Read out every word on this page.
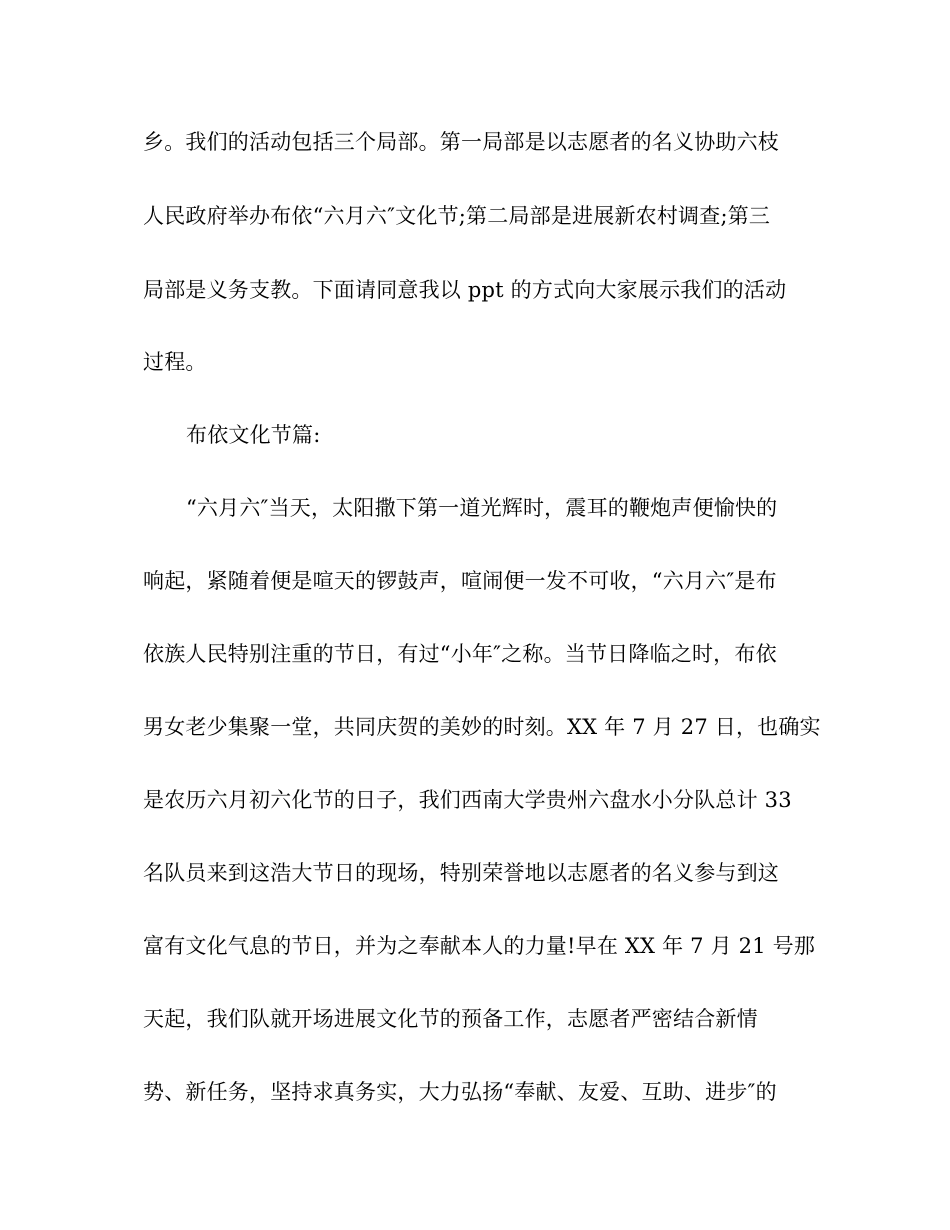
乡。我们的活动包括三个局部。第一局部是以志愿者的名义协助六枝
人民政府举办布依“六月六″文化节;第二局部是进展新农村调查;第三
局部是义务支教。下面请同意我以 ppt 的方式向大家展示我们的活动
过程。
布依文化节篇:
“六月六″当天，太阳撒下第一道光辉时，震耳的鞭炮声便愉快的
响起，紧随着便是喧天的锣鼓声，喧闹便一发不可收，“六月六″是布
依族人民特别注重的节日，有过“小年″之称。当节日降临之时，布依
男女老少集聚一堂，共同庆贺的美妙的时刻。XX 年 7 月 27 日，也确实
是农历六月初六化节的日子，我们西南大学贵州六盘水小分队总计 33
名队员来到这浩大节日的现场，特别荣誉地以志愿者的名义参与到这
富有文化气息的节日，并为之奉献本人的力量!早在 XX 年 7 月 21 号那
天起，我们队就开场进展文化节的预备工作，志愿者严密结合新情
势、新任务，坚持求真务实，大力弘扬“奉献、友爱、互助、进步″的
